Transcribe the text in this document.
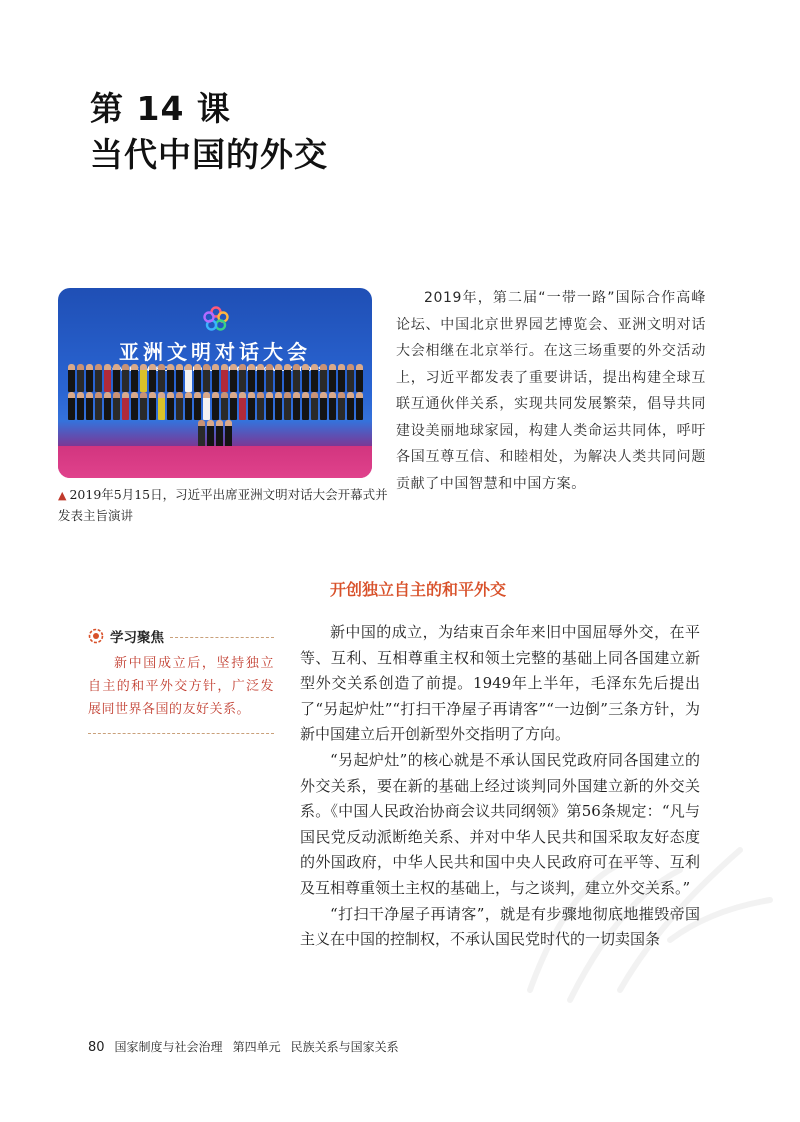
第 14 课
当代中国的外交
亚洲文明对话大会
OF
▲ 2019年5月15日，习近平出席亚洲文明对话大会开幕式并发表主旨演讲
2019年，第二届“一带一路”国际合作高峰论坛、中国北京世界园艺博览会、亚洲文明对话大会相继在北京举行。在这三场重要的外交活动上，习近平都发表了重要讲话，提出构建全球互联互通伙伴关系，实现共同发展繁荣，倡导共同建设美丽地球家园，构建人类命运共同体，呼吁各国互尊互信、和睦相处，为解决人类共同问题贡献了中国智慧和中国方案。
开创独立自主的和平外交
学习聚焦
新中国成立后，坚持独立自主的和平外交方针，广泛发展同世界各国的友好关系。

新中国的成立，为结束百余年来旧中国屈辱外交，在平等、互利、互相尊重主权和领土完整的基础上同各国建立新型外交关系创造了前提。1949年上半年，毛泽东先后提出了“另起炉灶”“打扫干净屋子再请客”“一边倒”三条方针，为新中国建立后开创新型外交指明了方向。

“另起炉灶”的核心就是不承认国民党政府同各国建立的外交关系，要在新的基础上经过谈判同外国建立新的外交关系。《中国人民政治协商会议共同纲领》第56条规定：“凡与国民党反动派断绝关系、并对中华人民共和国采取友好态度的外国政府，中华人民共和国中央人民政府可在平等、互利及互相尊重领土主权的基础上，与之谈判，建立外交关系。”

“打扫干净屋子再请客”，就是有步骤地彻底地摧毁帝国主义在中国的控制权，不承认国民党时代的一切卖国条

80 国家制度与社会治理 第四单元 民族关系与国家关系
